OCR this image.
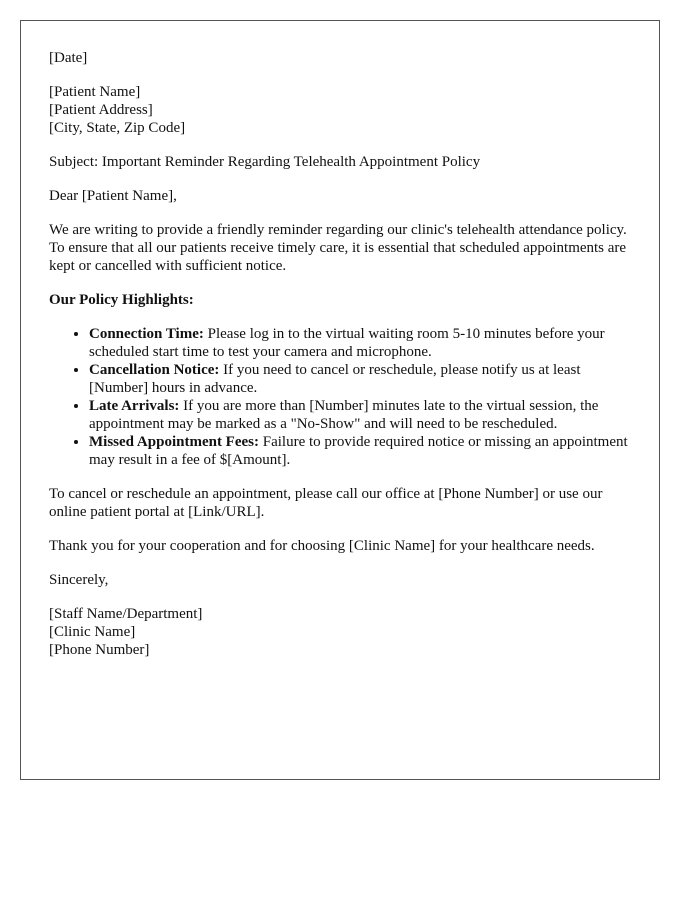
[Date]

[Patient Name]
[Patient Address]
[City, State, Zip Code]

Subject: Important Reminder Regarding Telehealth Appointment Policy

Dear [Patient Name],

We are writing to provide a friendly reminder regarding our clinic's telehealth attendance policy. To ensure that all our patients receive timely care, it is essential that scheduled appointments are kept or cancelled with sufficient notice.

Our Policy Highlights:

• Connection Time: Please log in to the virtual waiting room 5-10 minutes before your scheduled start time to test your camera and microphone.
• Cancellation Notice: If you need to cancel or reschedule, please notify us at least [Number] hours in advance.
• Late Arrivals: If you are more than [Number] minutes late to the virtual session, the appointment may be marked as a "No-Show" and will need to be rescheduled.
• Missed Appointment Fees: Failure to provide required notice or missing an appointment may result in a fee of $[Amount].

To cancel or reschedule an appointment, please call our office at [Phone Number] or use our online patient portal at [Link/URL].

Thank you for your cooperation and for choosing [Clinic Name] for your healthcare needs.

Sincerely,

[Staff Name/Department]
[Clinic Name]
[Phone Number]
